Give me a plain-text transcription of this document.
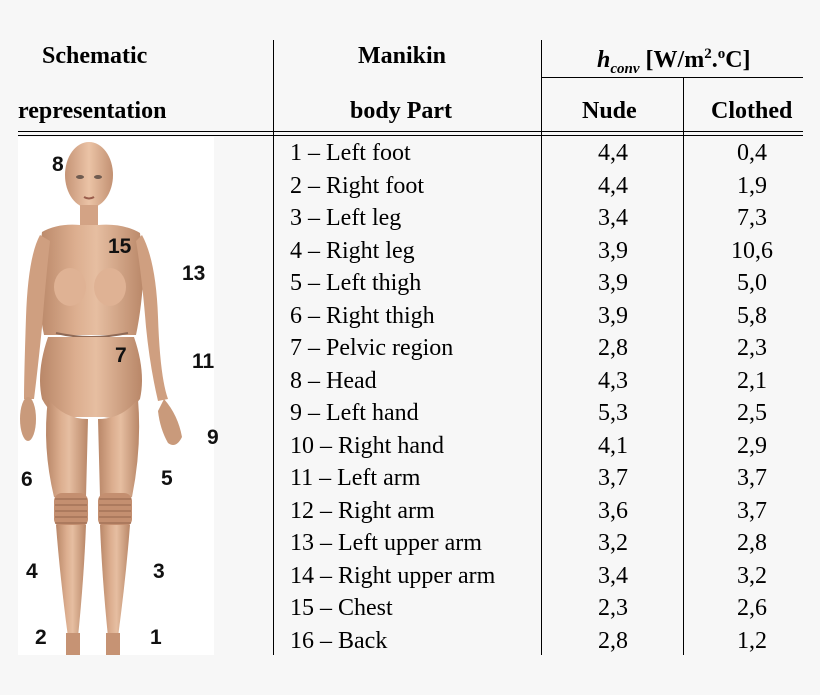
Schematic
representation
Manikin
body Part
$h_{conv}$ $[W/m^2.^oC]$
Nude	Clothed
8
15
13
7	11
9
6	5
4	3
2	1
1 – Left foot	4,4	0,4
2 – Right foot	4,4	1,9
3 – Left leg	3,4	7,3
4 – Right leg	3,9	10,6
5 – Left thigh	3,9	5,0
6 – Right thigh	3,9	5,8
7 – Pelvic region	2,8	2,3
8 – Head	4,3	2,1
9 – Left hand	5,3	2,5
10 – Right hand	4,1	2,9
11 – Left arm	3,7	3,7
12 – Right arm	3,6	3,7
13 – Left upper arm	3,2	2,8
14 – Right upper arm	3,4	3,2
15 – Chest	2,3	2,6
16 – Back	2,8	1,2
